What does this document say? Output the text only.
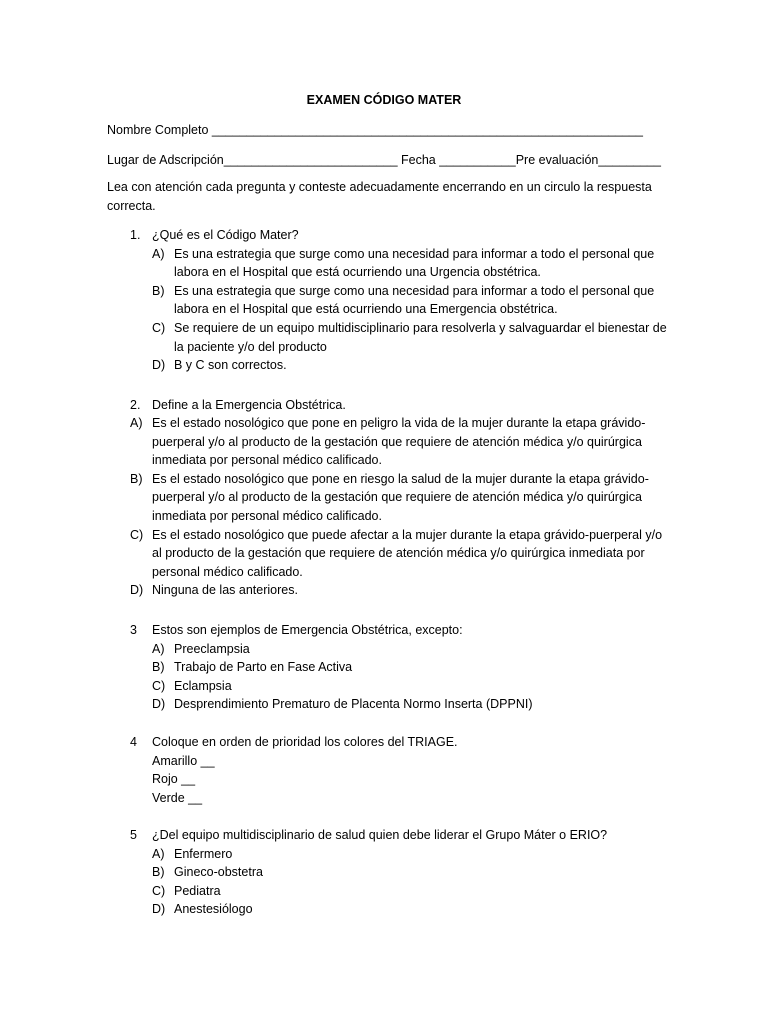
EXAMEN CÓDIGO MATER
Nombre Completo ______________________________________________________________
Lugar de Adscripción_________________________ Fecha ___________Pre evaluación_________
Lea con atención cada pregunta y conteste adecuadamente encerrando en un circulo la respuesta correcta.
1. ¿Qué es el Código Mater?
A) Es una estrategia que surge como una necesidad para informar a todo el personal que labora en el Hospital que está ocurriendo una Urgencia obstétrica.
B) Es una estrategia que surge como una necesidad para informar a todo el personal que labora en el Hospital que está ocurriendo una Emergencia obstétrica.
C) Se requiere de un equipo multidisciplinario para resolverla y salvaguardar el bienestar de la paciente y/o del producto
D) B y C son correctos.
2. Define a la Emergencia Obstétrica.
A) Es el estado nosológico que pone en peligro la vida de la mujer durante la etapa grávido-puerperal y/o al producto de la gestación que requiere de atención médica y/o quirúrgica inmediata por personal médico calificado.
B) Es el estado nosológico que pone en riesgo la salud de la mujer durante la etapa grávido-puerperal y/o al producto de la gestación que requiere de atención médica y/o quirúrgica inmediata por personal médico calificado.
C) Es el estado nosológico que puede afectar a la mujer durante la etapa grávido-puerperal y/o al producto de la gestación que requiere de atención médica y/o quirúrgica inmediata por personal médico calificado.
D) Ninguna de las anteriores.
3 Estos son ejemplos de Emergencia Obstétrica, excepto:
A) Preeclampsia
B) Trabajo de Parto en Fase Activa
C) Eclampsia
D) Desprendimiento Prematuro de Placenta Normo Inserta (DPPNI)
4 Coloque en orden de prioridad los colores del TRIAGE.
Amarillo __
Rojo __
Verde __
5 ¿Del equipo multidisciplinario de salud quien debe liderar el Grupo Máter o ERIO?
A) Enfermero
B) Gineco-obstetra
C) Pediatra
D) Anestesiólogo
